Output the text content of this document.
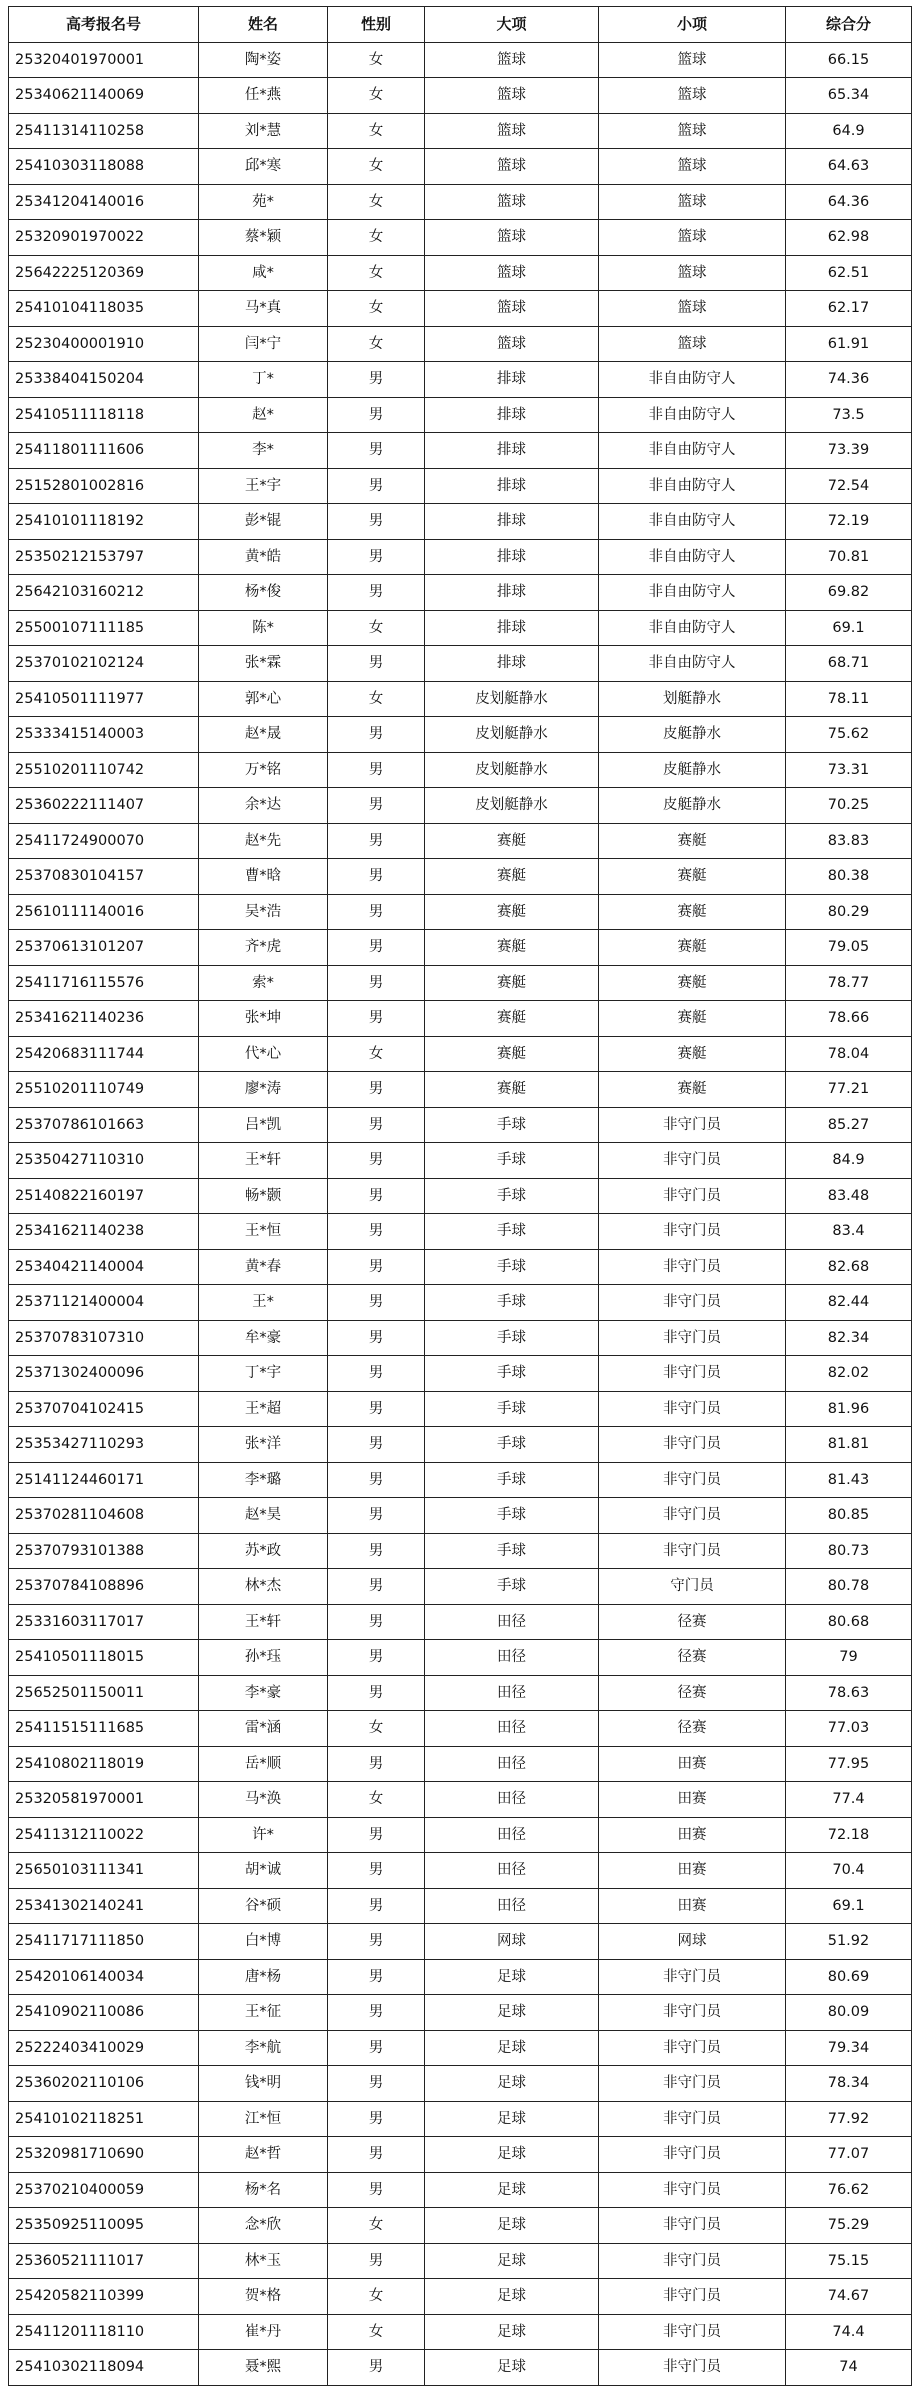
高考报名号	姓名	性别	大项	小项	综合分
25320401970001	陶*姿	女	篮球	篮球	66.15
25340621140069	任*燕	女	篮球	篮球	65.34
25411314110258	刘*慧	女	篮球	篮球	64.9
25410303118088	邱*寒	女	篮球	篮球	64.63
25341204140016	苑*	女	篮球	篮球	64.36
25320901970022	蔡*颖	女	篮球	篮球	62.98
25642225120369	咸*	女	篮球	篮球	62.51
25410104118035	马*真	女	篮球	篮球	62.17
25230400001910	闫*宁	女	篮球	篮球	61.91
25338404150204	丁*	男	排球	非自由防守人	74.36
25410511118118	赵*	男	排球	非自由防守人	73.5
25411801111606	李*	男	排球	非自由防守人	73.39
25152801002816	王*宇	男	排球	非自由防守人	72.54
25410101118192	彭*锟	男	排球	非自由防守人	72.19
25350212153797	黄*皓	男	排球	非自由防守人	70.81
25642103160212	杨*俊	男	排球	非自由防守人	69.82
25500107111185	陈*	女	排球	非自由防守人	69.1
25370102102124	张*霖	男	排球	非自由防守人	68.71
25410501111977	郭*心	女	皮划艇静水	划艇静水	78.11
25333415140003	赵*晟	男	皮划艇静水	皮艇静水	75.62
25510201110742	万*铭	男	皮划艇静水	皮艇静水	73.31
25360222111407	余*达	男	皮划艇静水	皮艇静水	70.25
25411724900070	赵*先	男	赛艇	赛艇	83.83
25370830104157	曹*晗	男	赛艇	赛艇	80.38
25610111140016	吴*浩	男	赛艇	赛艇	80.29
25370613101207	齐*虎	男	赛艇	赛艇	79.05
25411716115576	索*	男	赛艇	赛艇	78.77
25341621140236	张*坤	男	赛艇	赛艇	78.66
25420683111744	代*心	女	赛艇	赛艇	78.04
25510201110749	廖*涛	男	赛艇	赛艇	77.21
25370786101663	吕*凯	男	手球	非守门员	85.27
25350427110310	王*轩	男	手球	非守门员	84.9
25140822160197	畅*颢	男	手球	非守门员	83.48
25341621140238	王*恒	男	手球	非守门员	83.4
25340421140004	黄*春	男	手球	非守门员	82.68
25371121400004	王*	男	手球	非守门员	82.44
25370783107310	牟*豪	男	手球	非守门员	82.34
25371302400096	丁*宇	男	手球	非守门员	82.02
25370704102415	王*超	男	手球	非守门员	81.96
25353427110293	张*洋	男	手球	非守门员	81.81
25141124460171	李*璐	男	手球	非守门员	81.43
25370281104608	赵*昊	男	手球	非守门员	80.85
25370793101388	苏*政	男	手球	非守门员	80.73
25370784108896	林*杰	男	手球	守门员	80.78
25331603117017	王*轩	男	田径	径赛	80.68
25410501118015	孙*珏	男	田径	径赛	79
25652501150011	李*豪	男	田径	径赛	78.63
25411515111685	雷*涵	女	田径	径赛	77.03
25410802118019	岳*顺	男	田径	田赛	77.95
25320581970001	马*涣	女	田径	田赛	77.4
25411312110022	许*	男	田径	田赛	72.18
25650103111341	胡*诚	男	田径	田赛	70.4
25341302140241	谷*硕	男	田径	田赛	69.1
25411717111850	白*博	男	网球	网球	51.92
25420106140034	唐*杨	男	足球	非守门员	80.69
25410902110086	王*征	男	足球	非守门员	80.09
25222403410029	李*航	男	足球	非守门员	79.34
25360202110106	钱*明	男	足球	非守门员	78.34
25410102118251	江*恒	男	足球	非守门员	77.92
25320981710690	赵*哲	男	足球	非守门员	77.07
25370210400059	杨*名	男	足球	非守门员	76.62
25350925110095	念*欣	女	足球	非守门员	75.29
25360521111017	林*玉	男	足球	非守门员	75.15
25420582110399	贺*格	女	足球	非守门员	74.67
25411201118110	崔*丹	女	足球	非守门员	74.4
25410302118094	聂*熙	男	足球	非守门员	74
